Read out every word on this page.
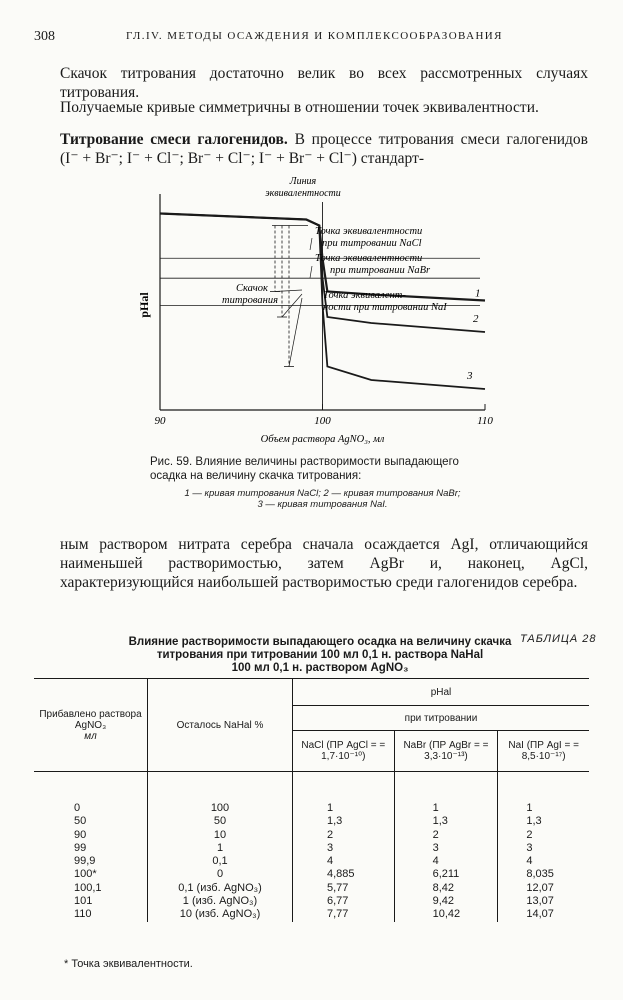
308	ГЛ.IV. МЕТОДЫ ОСАЖДЕНИЯ И КОМПЛЕКСООБРАЗОВАНИЯ

Скачок титрования достаточно велик во всех рассмотренных случаях титрования.

Получаемые кривые симметричны в отношении точек эквивалентности.

Титрование смеси галогенидов. В процессе титрования смеси галогенидов (I⁻ + Br⁻; I⁻ + Cl⁻; Br⁻ + Cl⁻; I⁻ + Br⁻ + Cl⁻) стандарт-

Линия
эквивалентности
90	100	110
Объем раствора AgNO₃, мл
pHal	1
2
3
Точка эквивалентности
при титровании NaCl
Точка эквивалентности
при титровании NaBr
Точка эквивалент-
ности при титровании NaI
Скачок
титрования
Рис. 59. Влияние величины растворимости выпадающего осадка на величину скачка титрования:
1 — кривая титрования NaCl; 2 — кривая титрования NaBr;
3 — кривая титрования NaI.

ным раствором нитрата серебра сначала осаждается AgI, отличающийся наименьшей растворимостью, затем AgBr и, наконец, AgCl, характеризующийся наибольшей растворимостью среди галогенидов серебра.

ТАБЛИЦА 28
Влияние растворимости выпадающего осадка на величину скачка
титрования при титровании 100 мл 0,1 н. раствора NaHal
100 мл 0,1 н. раствором AgNO₃
Прибавлено раствора AgNO₃
мл	Осталось NaHal %	pHal		
		при титровании		
		NaCl (ПР AgCl = = 1,7·10⁻¹⁰)	NaBr (ПР AgBr = = 3,3·10⁻¹³)	NaI (ПР AgI = = 8,5·10⁻¹⁷)
0	100	1	1	1
50	50	1,3	1,3	1,3
90	10	2	2	2
99	1	3	3	3
99,9	0,1	4	4	4
100*	0	4,885	6,211	8,035
100,1	0,1 (изб. AgNO₃)	5,77	8,42	12,07
101	1 (изб. AgNO₃)	6,77	9,42	13,07
110	10 (изб. AgNO₃)	7,77	10,42	14,07
* Точка эквивалентности.
